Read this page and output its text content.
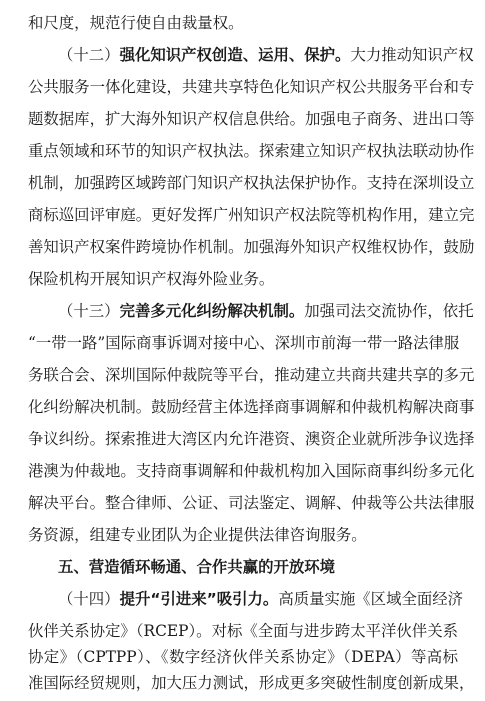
和尺度，规范行使自由裁量权。
（十二）强化知识产权创造、运用、保护。大力推动知识产权
公共服务一体化建设，共建共享特色化知识产权公共服务平台和专
题数据库，扩大海外知识产权信息供给。加强电子商务、进出口等
重点领域和环节的知识产权执法。探索建立知识产权执法联动协作
机制，加强跨区域跨部门知识产权执法保护协作。支持在深圳设立
商标巡回评审庭。更好发挥广州知识产权法院等机构作用，建立完
善知识产权案件跨境协作机制。加强海外知识产权维权协作，鼓励
保险机构开展知识产权海外险业务。
（十三）完善多元化纠纷解决机制。加强司法交流协作，依托
“一带一路”国际商事诉调对接中心、深圳市前海一带一路法律服
务联合会、深圳国际仲裁院等平台，推动建立共商共建共享的多元
化纠纷解决机制。鼓励经营主体选择商事调解和仲裁机构解决商事
争议纠纷。探索推进大湾区内允许港资、澳资企业就所涉争议选择
港澳为仲裁地。支持商事调解和仲裁机构加入国际商事纠纷多元化
解决平台。整合律师、公证、司法鉴定、调解、仲裁等公共法律服
务资源，组建专业团队为企业提供法律咨询服务。
五、营造循环畅通、合作共赢的开放环境
（十四）提升“引进来”吸引力。高质量实施《区域全面经济
伙伴关系协定》（RCEP）。对标《全面与进步跨太平洋伙伴关系
协定》（CPTPP）、《数字经济伙伴关系协定》（DEPA）等高标
准国际经贸规则，加大压力测试，形成更多突破性制度创新成果，
